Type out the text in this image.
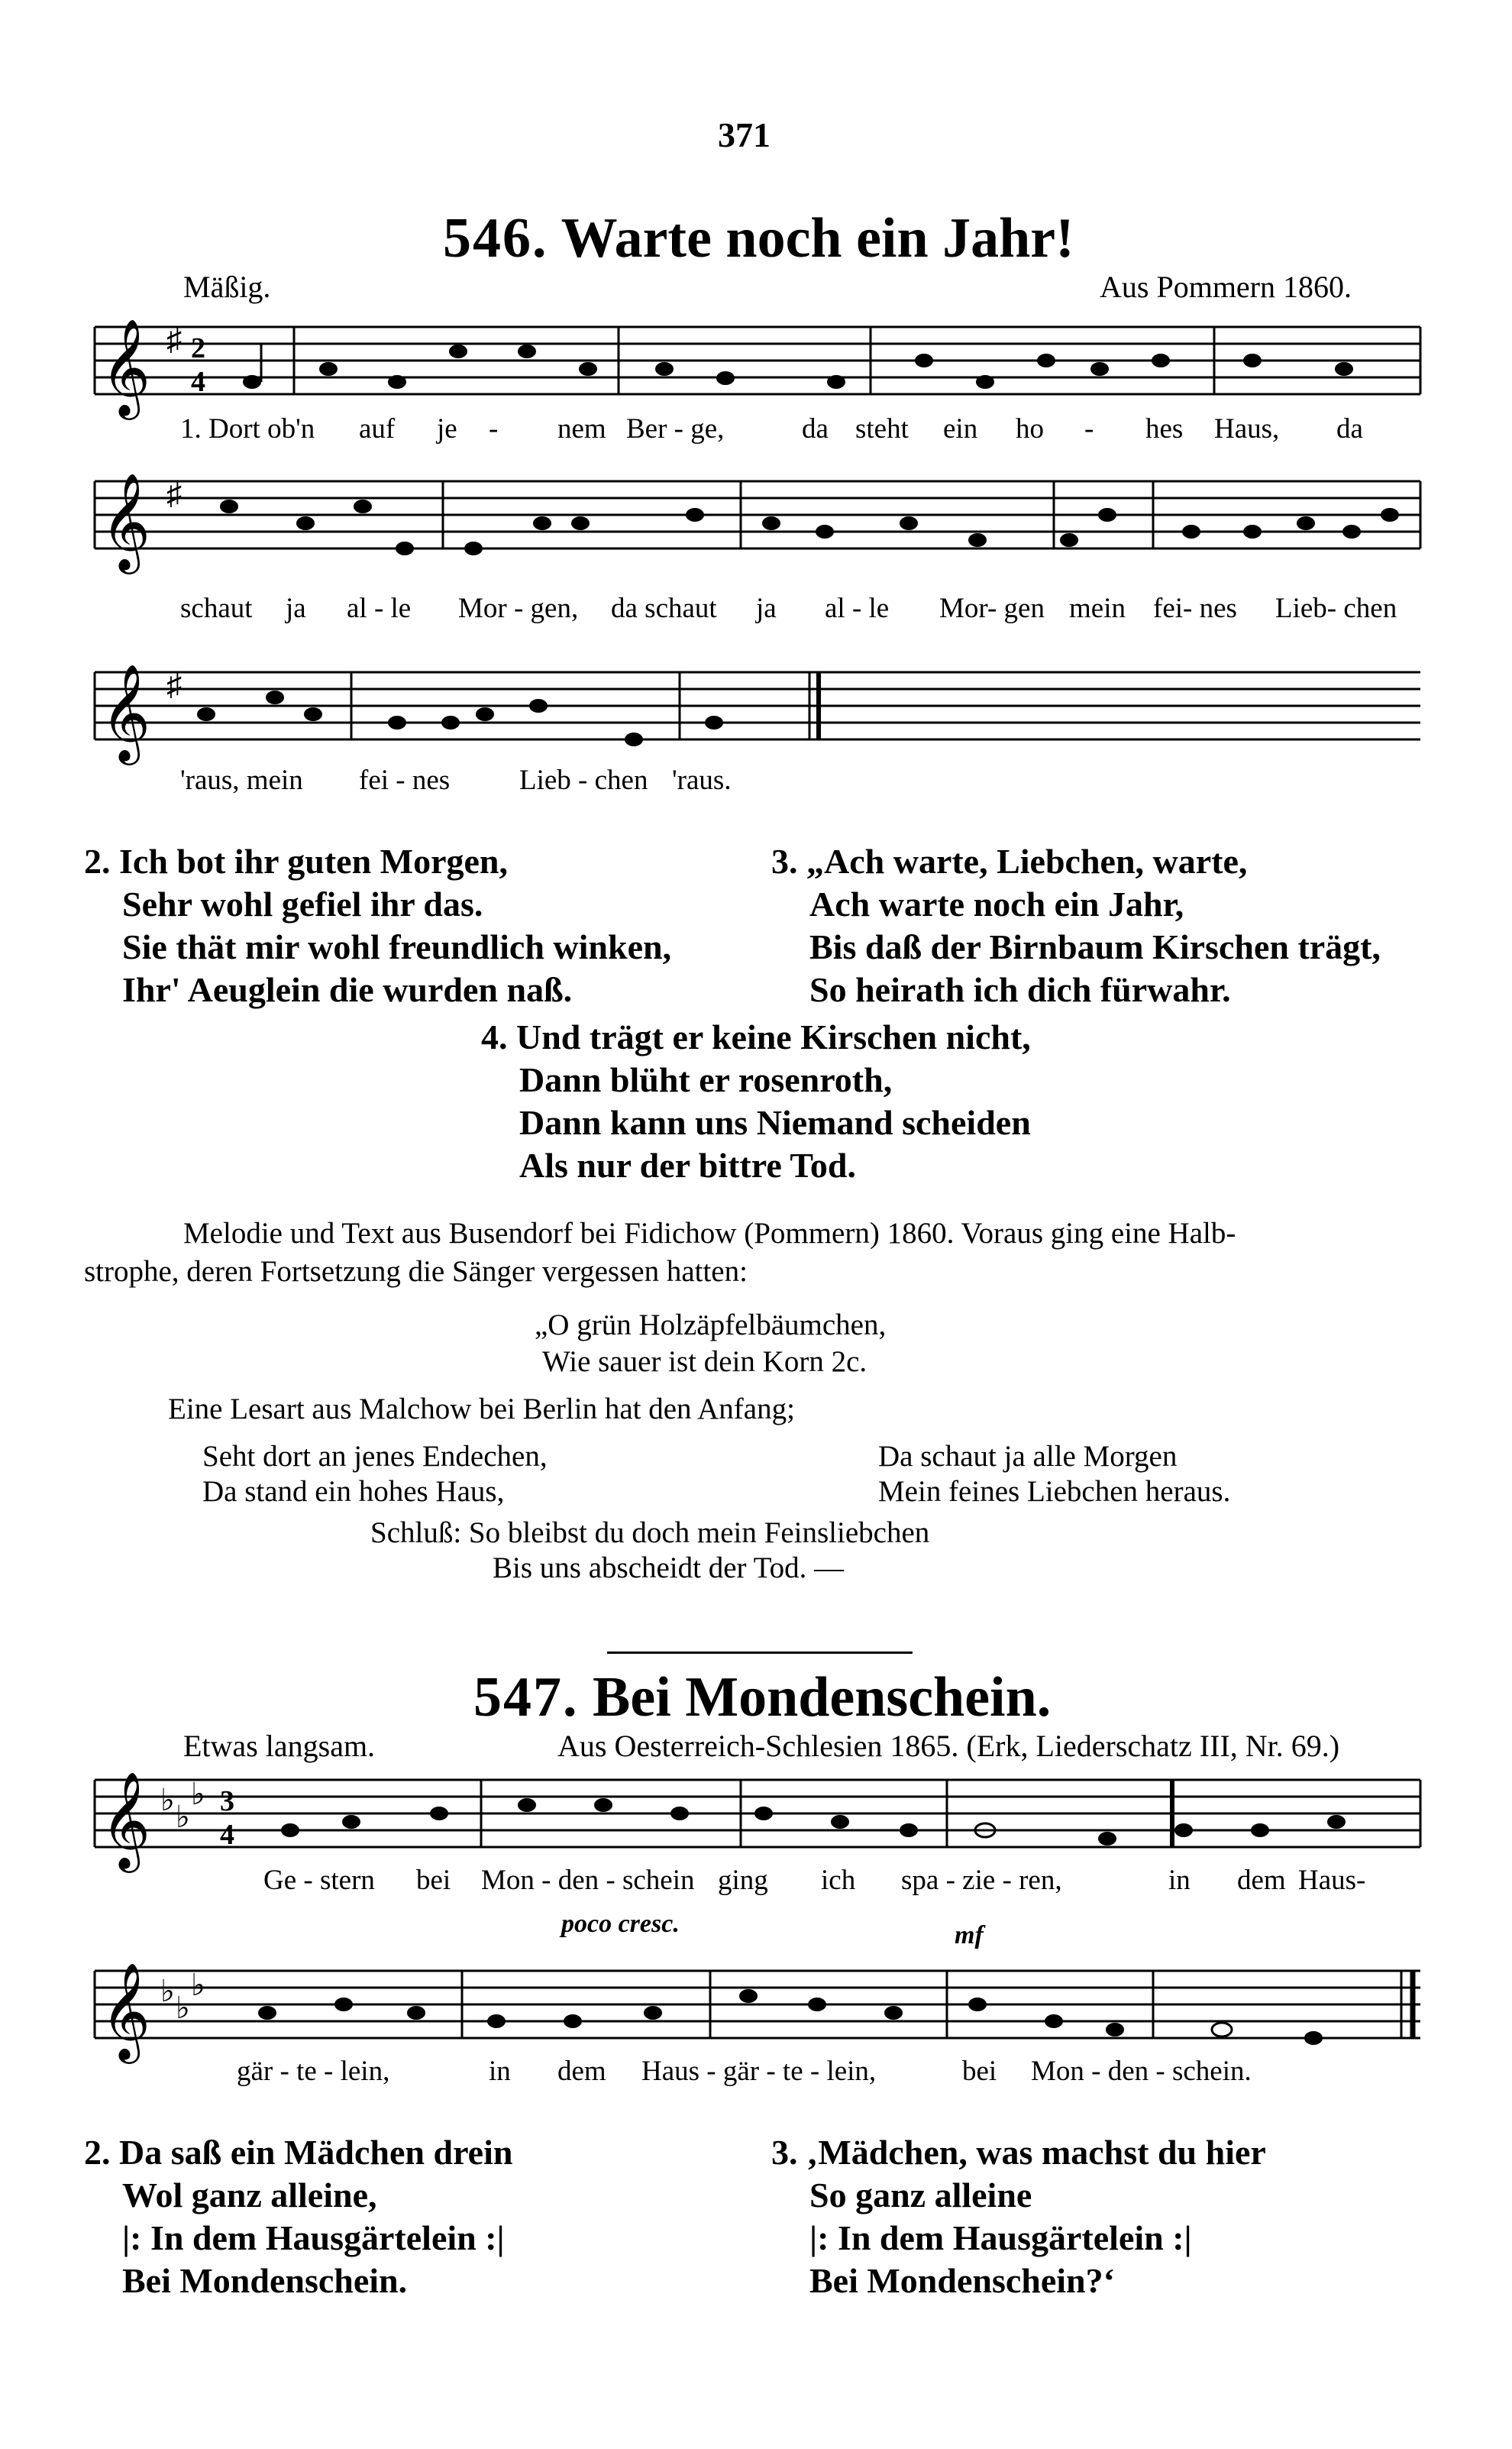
371
546. Warte noch ein Jahr!
Mäßig.	Aus Pommern 1860.
𝄞 ♯ 2
4
1. Dort ob'n auf je - nem Ber - ge,	da steht ein ho - hes Haus, da
𝄞 ♯
schaut ja al - le Mor - gen, da schaut ja al - le Mor- gen mein fei- nes Lieb- chen
𝄞 ♯
'raus, mein fei - nes Lieb - chen 'raus.
2. Ich bot ihr guten Morgen,
Sehr wohl gefiel ihr das.
Sie thät mir wohl freundlich winken,
Ihr' Aeuglein die wurden naß.
3. „Ach warte, Liebchen, warte,
Ach warte noch ein Jahr,
Bis daß der Birnbaum Kirschen trägt,
So heirath ich dich fürwahr.
4. Und trägt er keine Kirschen nicht,
Dann blüht er rosenroth,
Dann kann uns Niemand scheiden
Als nur der bittre Tod.
Melodie und Text aus Busendorf bei Fidichow (Pommern) 1860. Voraus ging eine Halb-
strophe, deren Fortsetzung die Sänger vergessen hatten:
„O grün Holzäpfelbäumchen,
Wie sauer ist dein Korn 2c.
Eine Lesart aus Malchow bei Berlin hat den Anfang;
Seht dort an jenes Endechen,	Da schaut ja alle Morgen
Da stand ein hohes Haus,	Mein feines Liebchen heraus.
Schluß: So bleibst du doch mein Feinsliebchen
Bis uns abscheidt der Tod. —
547. Bei Mondenschein.
Etwas langsam.	Aus Oesterreich-Schlesien 1865. (Erk, Liederschatz III, Nr. 69.)
𝄞 ♭ ♭
♭ 3
4
Ge - stern bei Mon - den - schein ging ich spa - zie - ren,	in dem Haus-
poco cresc.	mf
𝄞 ♭ ♭
♭
gär - te - lein,	in dem Haus - gär - te - lein,	bei Mon - den - schein.
2. Da saß ein Mädchen drein
Wol ganz alleine,
|: In dem Hausgärtelein :|
Bei Mondenschein.
3. ‚Mädchen, was machst du hier
So ganz alleine
|: In dem Hausgärtelein :|
Bei Mondenschein?‘
